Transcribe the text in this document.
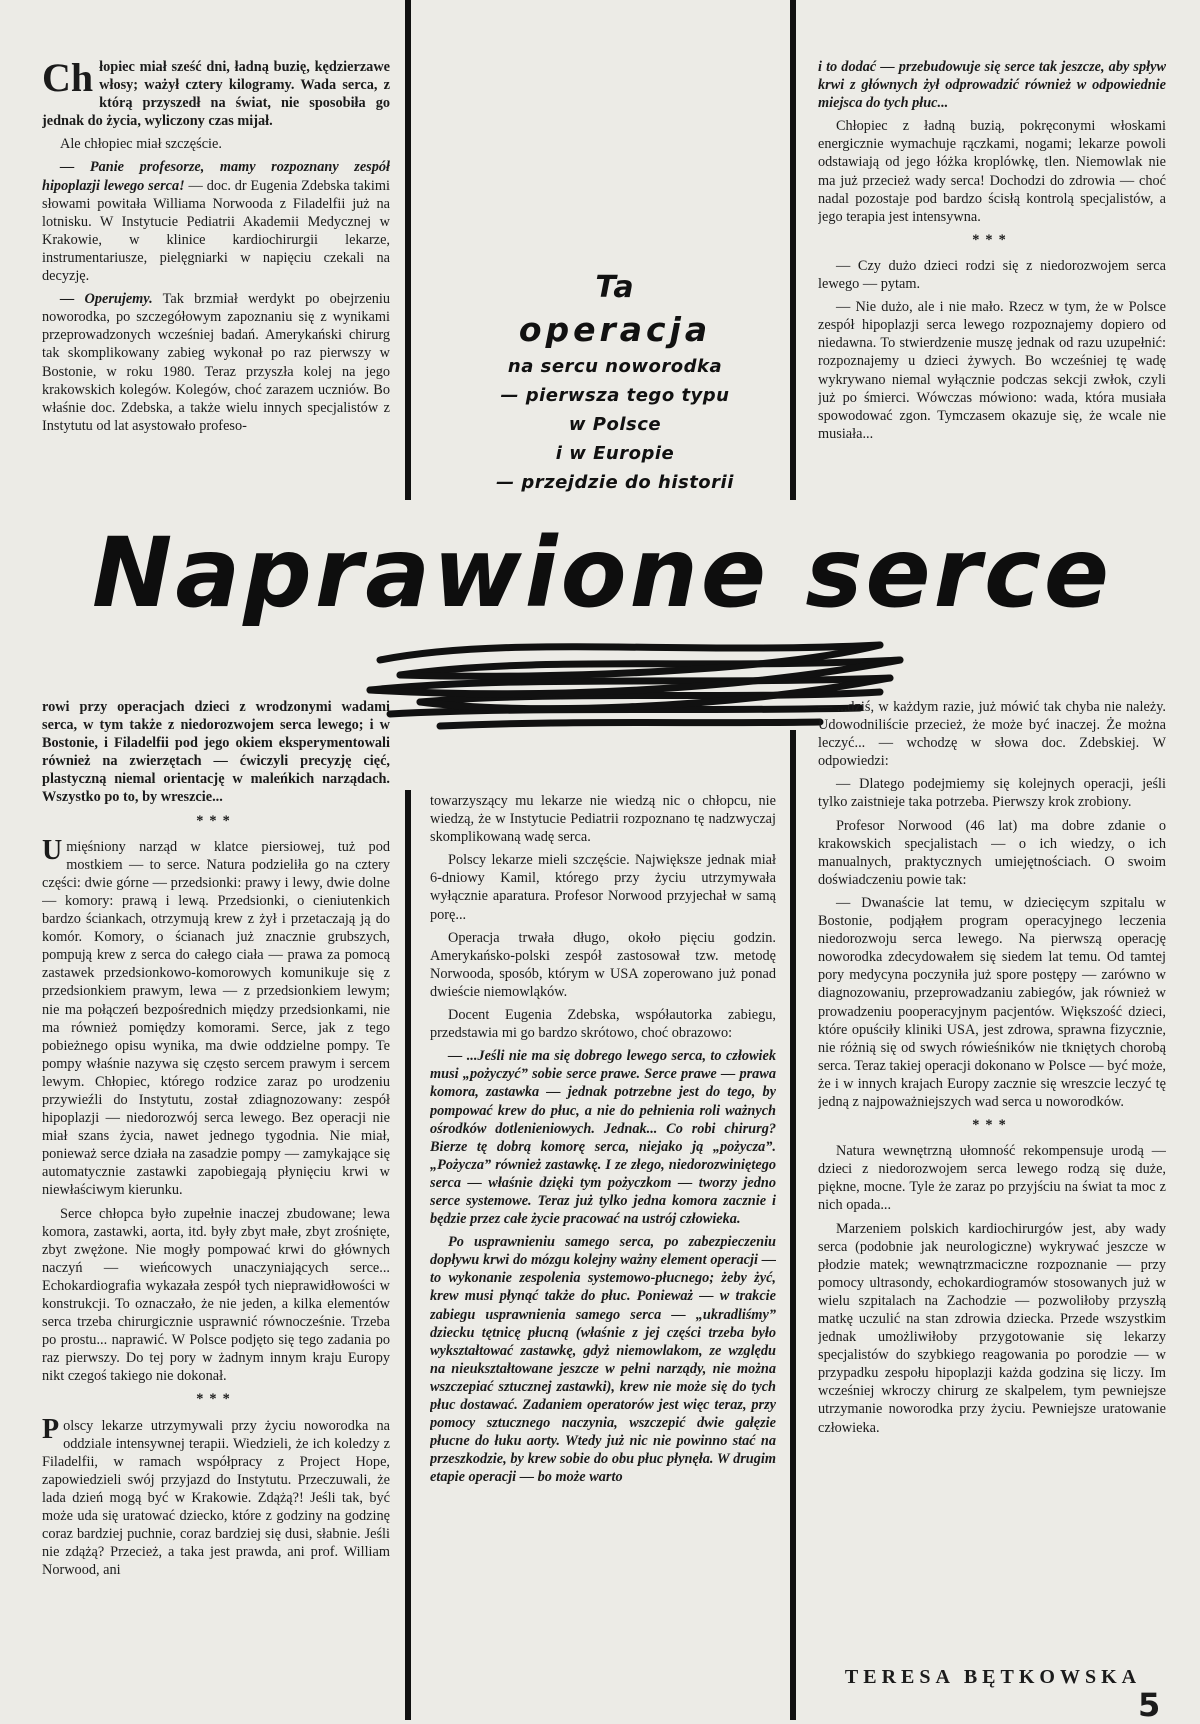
Ch łopiec miał sześć dni, ładną buzię, kędzierzawe włosy; ważył cztery kilogramy. Wada serca, z którą przyszedł na świat, nie sposobiła go jednak do życia, wyliczony czas mijał.

Ale chłopiec miał szczęście.

— Panie profesorze, mamy rozpoznany zespół hipoplazji lewego serca! — doc. dr Eugenia Zdebska takimi słowami powitała Williama Norwooda z Filadelfii już na lotnisku. W Instytucie Pediatrii Akademii Medycznej w Krakowie, w klinice kardiochirurgii lekarze, instrumentariusze, pielęgniarki w napięciu czekali na decyzję.

— Operujemy. Tak brzmiał werdykt po obejrzeniu noworodka, po szczegółowym zapoznaniu się z wynikami przeprowadzonych wcześniej badań. Amerykański chirurg tak skomplikowany zabieg wykonał po raz pierwszy w Bostonie, w roku 1980. Teraz przyszła kolej na jego krakowskich kolegów. Kolegów, choć zarazem uczniów. Bo właśnie doc. Zdebska, a także wielu innych specjalistów z Instytutu od lat asystowało profeso-

Ta
operacja
na sercu noworodka
— pierwsza tego typu
w Polsce
i w Europie
— przejdzie do historii

i to dodać — przebudowuje się serce tak jeszcze, aby spływ krwi z głównych żył odprowadzić również w odpowiednie miejsca do tych płuc...

Chłopiec z ładną buzią, pokręconymi włoskami energicznie wymachuje rączkami, nogami; lekarze powoli odstawiają od jego łóżka kroplówkę, tlen. Niemowlak nie ma już przecież wady serca! Dochodzi do zdrowia — choć nadal pozostaje pod bardzo ścisłą kontrolą specjalistów, a jego terapia jest intensywna.

***

— Czy dużo dzieci rodzi się z niedorozwojem serca lewego — pytam.

— Nie dużo, ale i nie mało. Rzecz w tym, że w Polsce zespół hipoplazji serca lewego rozpoznajemy dopiero od niedawna. To stwierdzenie muszę jednak od razu uzupełnić: rozpoznajemy u dzieci żywych. Bo wcześniej tę wadę wykrywano niemal wyłącznie podczas sekcji zwłok, czyli już po śmierci. Wówczas mówiono: wada, która musiała spowodować zgon. Tymczasem okazuje się, że wcale nie musiała...

Naprawione serce

rowi przy operacjach dzieci z wrodzonymi wadami serca, w tym także z niedorozwojem serca lewego; i w Bostonie, i Filadelfii pod jego okiem eksperymentowali również na zwierzętach — ćwiczyli precyzję cięć, plastyczną niemal orientację w maleńkich narządach. Wszystko po to, by wreszcie...

***

Umięśniony narząd w klatce piersiowej, tuż pod mostkiem — to serce. Natura podzieliła go na cztery części: dwie górne — przedsionki: prawy i lewy, dwie dolne — komory: prawą i lewą. Przedsionki, o cienіutenkich bardzo ściankach, otrzymują krew z żył i przetaczają ją do komór. Komory, o ścianach już znacznie grubszych, pompują krew z serca do całego ciała — prawa za pomocą zastawek przedsionkowo-komorowych komunikuje się z przedsionkiem prawym, lewa — z przedsionkiem lewym; nie ma połączeń bezpośrednich między przedsionkami, nie ma również pomiędzy komorami. Serce, jak z tego pobieżnego opisu wynika, ma dwie oddzielne pompy. Te pompy właśnie nazywa się często sercem prawym i sercem lewym. Chłopiec, którego rodzice zaraz po urodzeniu przywieźli do Instytutu, został zdiagnozowany: zespół hipoplazji — niedorozwój serca lewego. Bez operacji nie miał szans życia, nawet jednego tygodnia. Nie miał, ponieważ serce działa na zasadzie pompy — zamykające się automatycznie zastawki zapobiegają płynięciu krwi w niewłaściwym kierunku.

Serce chłopca było zupełnie inaczej zbudowane; lewa komora, zastawki, aorta, itd. były zbyt małe, zbyt zrośnięte, zbyt zwężone. Nie mogły pompować krwi do głównych naczyń — wieńcowych unaczyniających serce... Echokardiografia wykazała zespół tych nieprawidłowości w konstrukcji. To oznaczało, że nie jeden, a kilka elementów serca trzeba chirurgicznie usprawnić równocześnie. Trzeba po prostu... naprawić. W Polsce podjęto się tego zadania po raz pierwszy. Do tej pory w żadnym innym kraju Europy nikt czegoś takiego nie dokonał.

***

Polscy lekarze utrzymywali przy życiu noworodka na oddziale intensywnej terapii. Wiedzieli, że ich koledzy z Filadelfii, w ramach współpracy z Project Hope, zapowiedzieli swój przyjazd do Instytutu. Przeczuwali, że lada dzień mogą być w Krakowie. Zdążą?! Jeśli tak, być może uda się uratować dziecko, które z godziny na godzinę coraz bardziej puchnie, coraz bardziej się dusi, słabnie. Jeśli nie zdążą? Przecież, a taka jest prawda, ani prof. William Norwood, ani

towarzyszący mu lekarze nie wiedzą nic o chłopcu, nie wiedzą, że w Instytucie Pediatrii rozpoznano tę nadzwyczaj skomplikowaną wadę serca.

Polscy lekarze mieli szczęście. Największe jednak miał 6-dniowy Kamil, którego przy życiu utrzymywała wyłącznie aparatura. Profesor Norwood przyjechał w samą porę...

Operacja trwała długo, około pięciu godzin. Amerykańsko-polski zespół zastosował tzw. metodę Norwooda, sposób, którym w USA zoperowano już ponad dwieście niemowląków.

Docent Eugenia Zdebska, współautorka zabiegu, przedstawia mi go bardzo skrótowo, choć obrazowo:

— ...Jeśli nie ma się dobrego lewego serca, to człowiek musi „pożyczyć” sobie serce prawe. Serce prawe — prawa komora, zastawka — jednak potrzebne jest do tego, by pompować krew do płuc, a nie do pełnienia roli ważnych ośrodków dotlenieniowych. Jednak... Co robi chirurg? Bierze tę dobrą komorę serca, niejako ją „pożycza”. „Pożycza” również zastawkę. I ze złego, niedorozwiniętego serca — właśnie dzięki tym pożyczkom — tworzy jedno serce systemowe. Teraz już tylko jedna komora zacznie i będzie przez całe życie pracować na ustrój człowieka.

Po usprawnieniu samego serca, po zabezpieczeniu dopływu krwi do mózgu kolejny ważny element operacji — to wykonanie zespolenia systemowo-płucnego; żeby żyć, krew musi płynąć także do płuc. Ponieważ — w trakcie zabiegu usprawnienia samego serca — „ukradliśmy” dziecku tętnicę płucną (właśnie z jej części trzeba było wykształtować zastawkę, gdyż niemowlakom, ze względu na nieukształtowane jeszcze w pełni narządy, nie można wszczepiać sztucznej zastawki), krew nie może się do tych płuc dostawać. Zadaniem operatorów jest więc teraz, przy pomocy sztucznego naczynia, wszczepić dwie gałęzie płucne do łuku aorty. Wtedy już nic nie powinno stać na przeszkodzie, by krew sobie do obu płuc płynęła. W drugim etapie operacji — bo może warto

— ...dziś, w każdym razie, już mówić tak chyba nie należy. Udowodniliście przecież, że może być inaczej. Że można leczyć... — wchodzę w słowa doc. Zdebskiej. W odpowiedzi:

— Dlatego podejmiemy się kolejnych operacji, jeśli tylko zaistnieje taka potrzeba. Pierwszy krok zrobiony.

Profesor Norwood (46 lat) ma dobre zdanie o krakowskich specjalistach — o ich wiedzy, o ich manualnych, praktycznych umiejętnościach. O swoim doświadczeniu powie tak:

— Dwanaście lat temu, w dziecięcym szpitalu w Bostonie, podjąłem program operacyjnego leczenia niedorozwoju serca lewego. Na pierwszą operację noworodka zdecydowałem się siedem lat temu. Od tamtej pory medycyna poczyniła już spore postępy — zarówno w diagnozowaniu, przeprowadzaniu zabiegów, jak również w prowadzeniu pooperacyjnym pacjentów. Większość dzieci, które opuściły kliniki USA, jest zdrowa, sprawna fizycznie, nie różnią się od swych rówieśników nie tkniętych chorobą serca. Teraz takiej operacji dokonano w Polsce — być może, że i w innych krajach Europy zacznie się wreszcie leczyć tę jedną z najpoważniejszych wad serca u noworodków.

***

Natura wewnętrzną ułomność rekompensuje urodą — dzieci z niedorozwojem serca lewego rodzą się duże, piękne, mocne. Tyle że zaraz po przyjściu na świat ta moc z nich opada...

Marzeniem polskich kardiochirurgów jest, aby wady serca (podobnie jak neurologiczne) wykrywać jeszcze w płodzie matek; wewnątrzmaciczne rozpoznanie — przy pomocy ultrasondy, echokardiogramów stosowanych już w wielu szpitalach na Zachodzie — pozwoliłoby przyszłą matkę uczulić na stan zdrowia dziecka. Przede wszystkim jednak umożliwiłoby przygotowanie się lekarzy specjalistów do szybkiego reagowania po porodzie — w przypadku zespołu hipoplazji każda godzina się liczy. Im wcześniej wkroczy chirurg ze skalpelem, tym pewniejsze utrzymanie noworodka przy życiu. Pewniejsze uratowanie człowieka.

TERESA BĘTKOWSKA
5
